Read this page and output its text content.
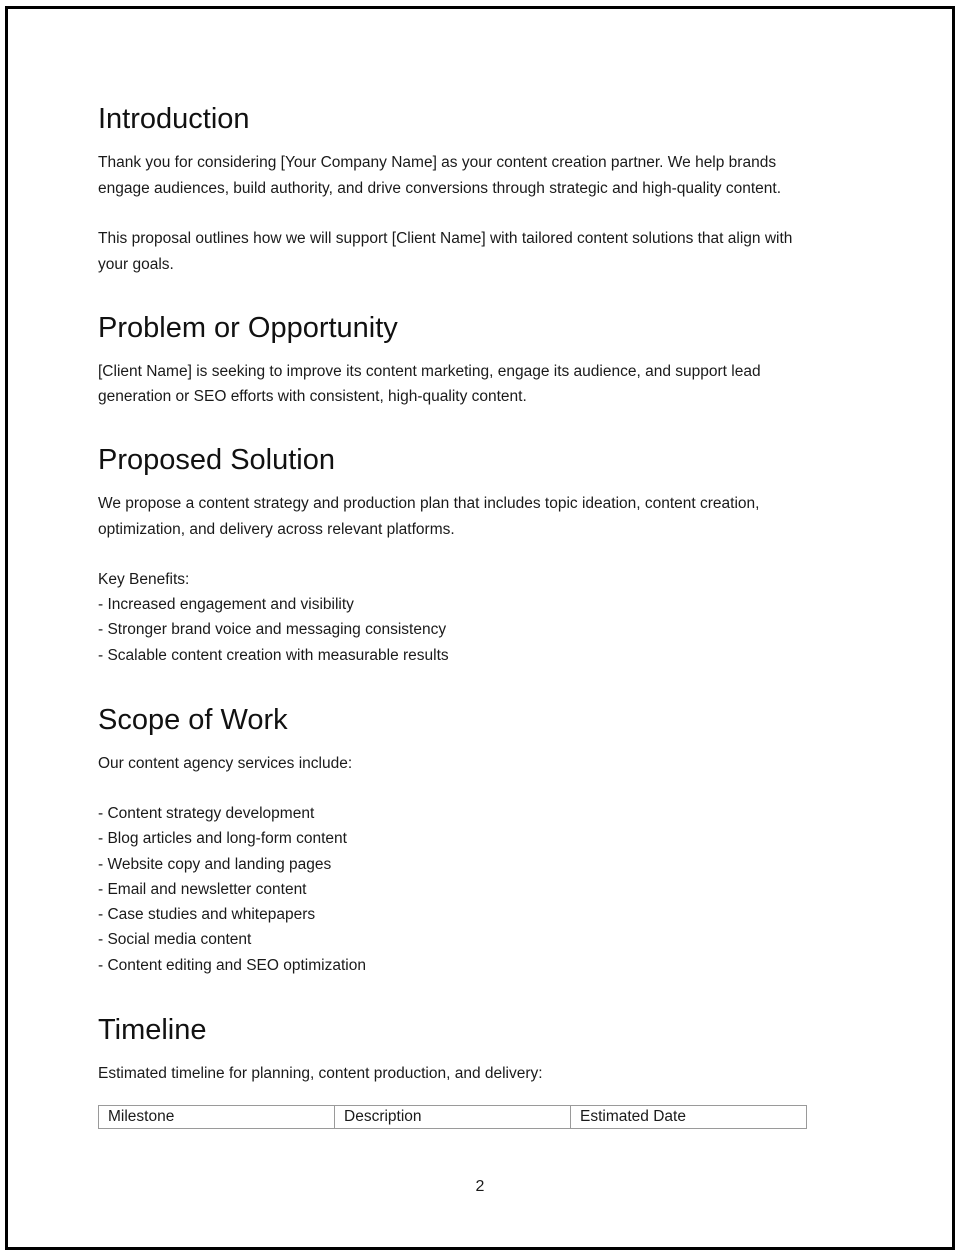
Introduction

Thank you for considering [Your Company Name] as your content creation partner. We help brands

engage audiences, build authority, and drive conversions through strategic and high-quality content.

This proposal outlines how we will support [Client Name] with tailored content solutions that align with

your goals.

Problem or Opportunity

[Client Name] is seeking to improve its content marketing, engage its audience, and support lead

generation or SEO efforts with consistent, high-quality content.

Proposed Solution

We propose a content strategy and production plan that includes topic ideation, content creation,

optimization, and delivery across relevant platforms.

Key Benefits:

- Increased engagement and visibility
- Stronger brand voice and messaging consistency
- Scalable content creation with measurable results
Scope of Work

Our content agency services include:

- Content strategy development
- Blog articles and long-form content
- Website copy and landing pages
- Email and newsletter content
- Case studies and whitepapers
- Social media content
- Content editing and SEO optimization
Timeline

Estimated timeline for planning, content production, and delivery:

Milestone	Description	Estimated Date
2
